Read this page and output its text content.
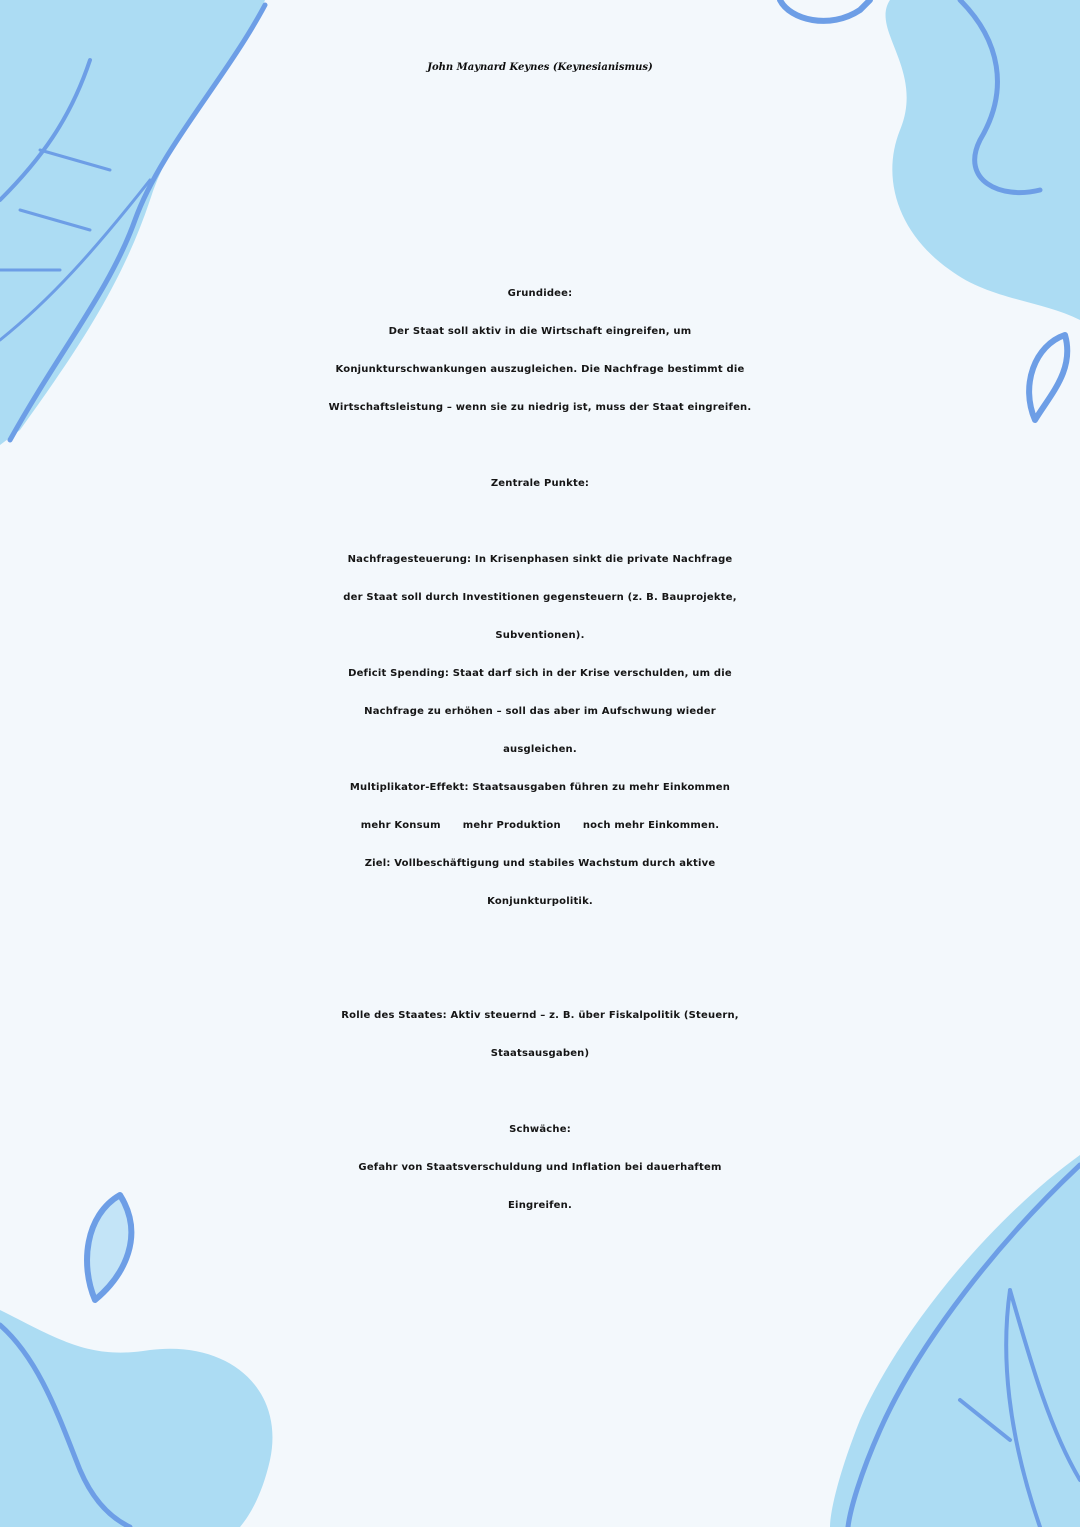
John Maynard Keynes (Keynesianismus)
Grundidee:
Der Staat soll aktiv in die Wirtschaft eingreifen, um
Konjunkturschwankungen auszugleichen. Die Nachfrage bestimmt die
Wirtschaftsleistung – wenn sie zu niedrig ist, muss der Staat eingreifen.
Zentrale Punkte:
Nachfragesteuerung: In Krisenphasen sinkt die private Nachfrage
der Staat soll durch Investitionen gegensteuern (z. B. Bauprojekte,
Subventionen).
Deficit Spending: Staat darf sich in der Krise verschulden, um die
Nachfrage zu erhöhen – soll das aber im Aufschwung wieder
ausgleichen.
Multiplikator-Effekt: Staatsausgaben führen zu mehr Einkommen
mehr Konsum      mehr Produktion      noch mehr Einkommen.
Ziel: Vollbeschäftigung und stabiles Wachstum durch aktive
Konjunkturpolitik.
Rolle des Staates: Aktiv steuernd – z. B. über Fiskalpolitik (Steuern,
Staatsausgaben)
Schwäche:
Gefahr von Staatsverschuldung und Inflation bei dauerhaftem
Eingreifen.
